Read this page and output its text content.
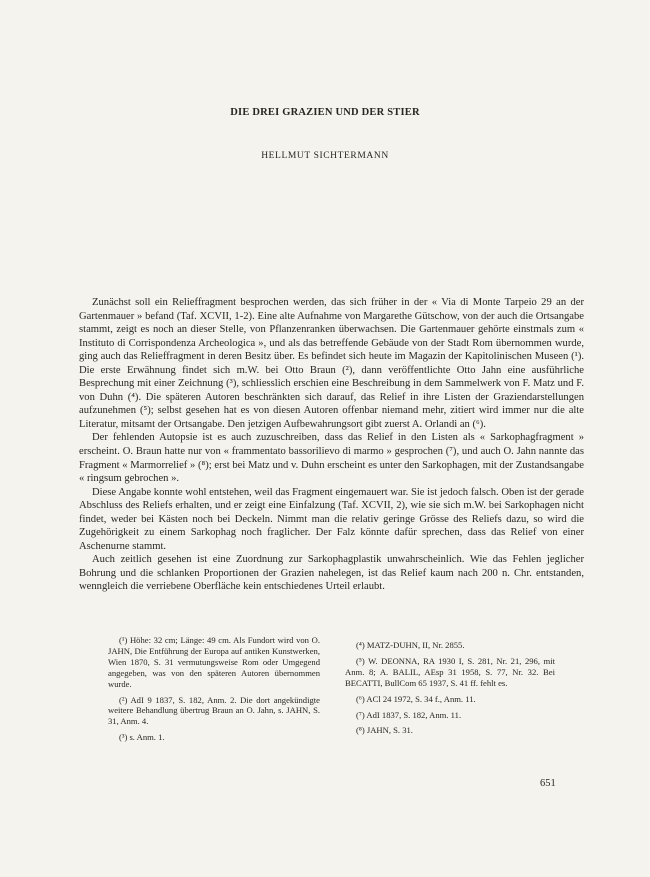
DIE DREI GRAZIEN UND DER STIER
HELLMUT SICHTERMANN

Zunächst soll ein Relieffragment besprochen werden, das sich früher in der « Via di Monte Tarpeio 29 an der Gartenmauer » befand (Taf. XCVII, 1-2). Eine alte Aufnahme von Margarethe Gütschow, von der auch die Ortsangabe stammt, zeigt es noch an dieser Stelle, von Pflanzenranken überwachsen. Die Gartenmauer gehörte einstmals zum « Instituto di Corrispondenza Archeologica », und als das betreffende Gebäude von der Stadt Rom übernommen wurde, ging auch das Relieffragment in deren Besitz über. Es befindet sich heute im Magazin der Kapitolinischen Museen (¹). Die erste Erwähnung findet sich m.W. bei Otto Braun (²), dann veröffentlichte Otto Jahn eine ausführliche Besprechung mit einer Zeichnung (³), schliesslich erschien eine Beschreibung in dem Sammelwerk von F. Matz und F. von Duhn (⁴). Die späteren Autoren beschränkten sich darauf, das Relief in ihre Listen der Graziendarstellungen aufzunehmen (⁵); selbst gesehen hat es von diesen Autoren offenbar niemand mehr, zitiert wird immer nur die alte Literatur, mitsamt der Ortsangabe. Den jetzigen Aufbewahrungsort gibt zuerst A. Orlandi an (⁶).

Der fehlenden Autopsie ist es auch zuzuschreiben, dass das Relief in den Listen als « Sarkophagfragment » erscheint. O. Braun hatte nur von « frammentato bassorilievo di marmo » gesprochen (⁷), und auch O. Jahn nannte das Fragment « Marmorrelief » (⁸); erst bei Matz und v. Duhn erscheint es unter den Sarkophagen, mit der Zustandsangabe « ringsum gebrochen ».

Diese Angabe konnte wohl entstehen, weil das Fragment eingemauert war. Sie ist jedoch falsch. Oben ist der gerade Abschluss des Reliefs erhalten, und er zeigt eine Einfalzung (Taf. XCVII, 2), wie sie sich m.W. bei Sarkophagen nicht findet, weder bei Kästen noch bei Deckeln. Nimmt man die relativ geringe Grösse des Reliefs dazu, so wird die Zugehörigkeit zu einem Sarkophag noch fraglicher. Der Falz könnte dafür sprechen, dass das Relief von einer Aschenurne stammt.

Auch zeitlich gesehen ist eine Zuordnung zur Sarkophagplastik unwahrscheinlich. Wie das Fehlen jeglicher Bohrung und die schlanken Proportionen der Grazien nahelegen, ist das Relief kaum nach 200 n. Chr. entstanden, wenngleich die verriebene Oberfläche kein entschiedenes Urteil erlaubt.

(¹) Höhe: 32 cm; Länge: 49 cm. Als Fundort wird von O. JAHN, Die Entführung der Europa auf antiken Kunstwerken, Wien 1870, S. 31 vermutungsweise Rom oder Umgegend angegeben, was von den späteren Autoren übernommen wurde.

(²) AdI 9 1837, S. 182, Anm. 2. Die dort angekündigte weitere Behandlung übertrug Braun an O. Jahn, s. JAHN, S. 31, Anm. 4.

(³) s. Anm. 1.

(⁴) MATZ-DUHN, II, Nr. 2855.

(⁵) W. DEONNA, RA 1930 I, S. 281, Nr. 21, 296, mit Anm. 8; A. BALIL, AEsp 31 1958, S. 77, Nr. 32. Bei BECATTI, BullCom 65 1937, S. 41 ff. fehlt es.

(⁶) ACl 24 1972, S. 34 f., Anm. 11.

(⁷) AdI 1837, S. 182, Anm. 11.

(⁸) JAHN, S. 31.

651
